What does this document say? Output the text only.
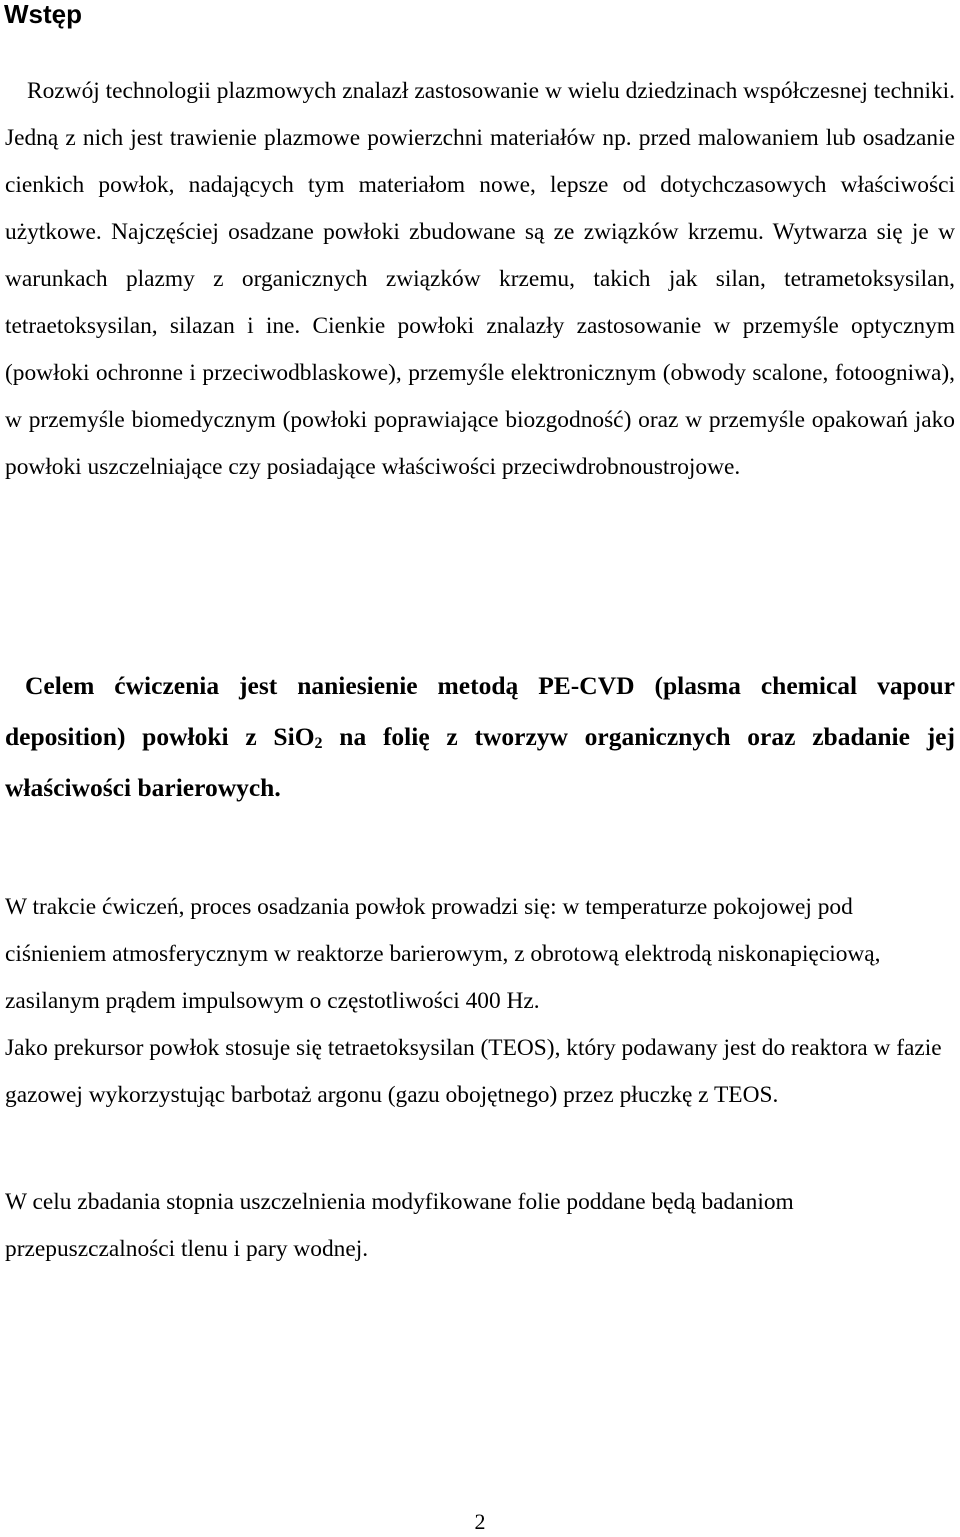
Wstęp

Rozwój technologii plazmowych znalazł zastosowanie w wielu dziedzinach współczesnej techniki. Jedną z nich jest trawienie plazmowe powierzchni materiałów np. przed malowaniem lub osadzanie cienkich powłok, nadających tym materiałom nowe, lepsze od dotychczasowych właściwości użytkowe. Najczęściej osadzane powłoki zbudowane są ze związków krzemu. Wytwarza się je w warunkach plazmy z organicznych związków krzemu, takich jak silan, tetrametoksysilan, tetraetoksysilan, silazan i ine. Cienkie powłoki znalazły zastosowanie w przemyśle optycznym (powłoki ochronne i przeciwodblaskowe), przemyśle elektronicznym (obwody scalone, fotoogniwa), w przemyśle biomedycznym (powłoki poprawiające biozgodność) oraz w przemyśle opakowań jako powłoki uszczelniające czy posiadające właściwości przeciwdrobnoustrojowe.

Celem ćwiczenia jest naniesienie metodą PE-CVD (plasma chemical vapour deposition) powłoki z SiO$_2$ na folię z tworzyw organicznych oraz zbadanie jej właściwości barierowych.

W trakcie ćwiczeń, proces osadzania powłok prowadzi się: w temperaturze pokojowej pod ciśnieniem atmosferycznym w reaktorze barierowym, z obrotową elektrodą niskonapięciową, zasilanym prądem impulsowym o częstotliwości 400 Hz.
Jako prekursor powłok stosuje się tetraetoksysilan (TEOS), który podawany jest do reaktora w fazie gazowej wykorzystując barbotaż argonu (gazu obojętnego) przez płuczkę z TEOS.

W celu zbadania stopnia uszczelnienia modyfikowane folie poddane będą badaniom przepuszczalności tlenu i pary wodnej.

2
